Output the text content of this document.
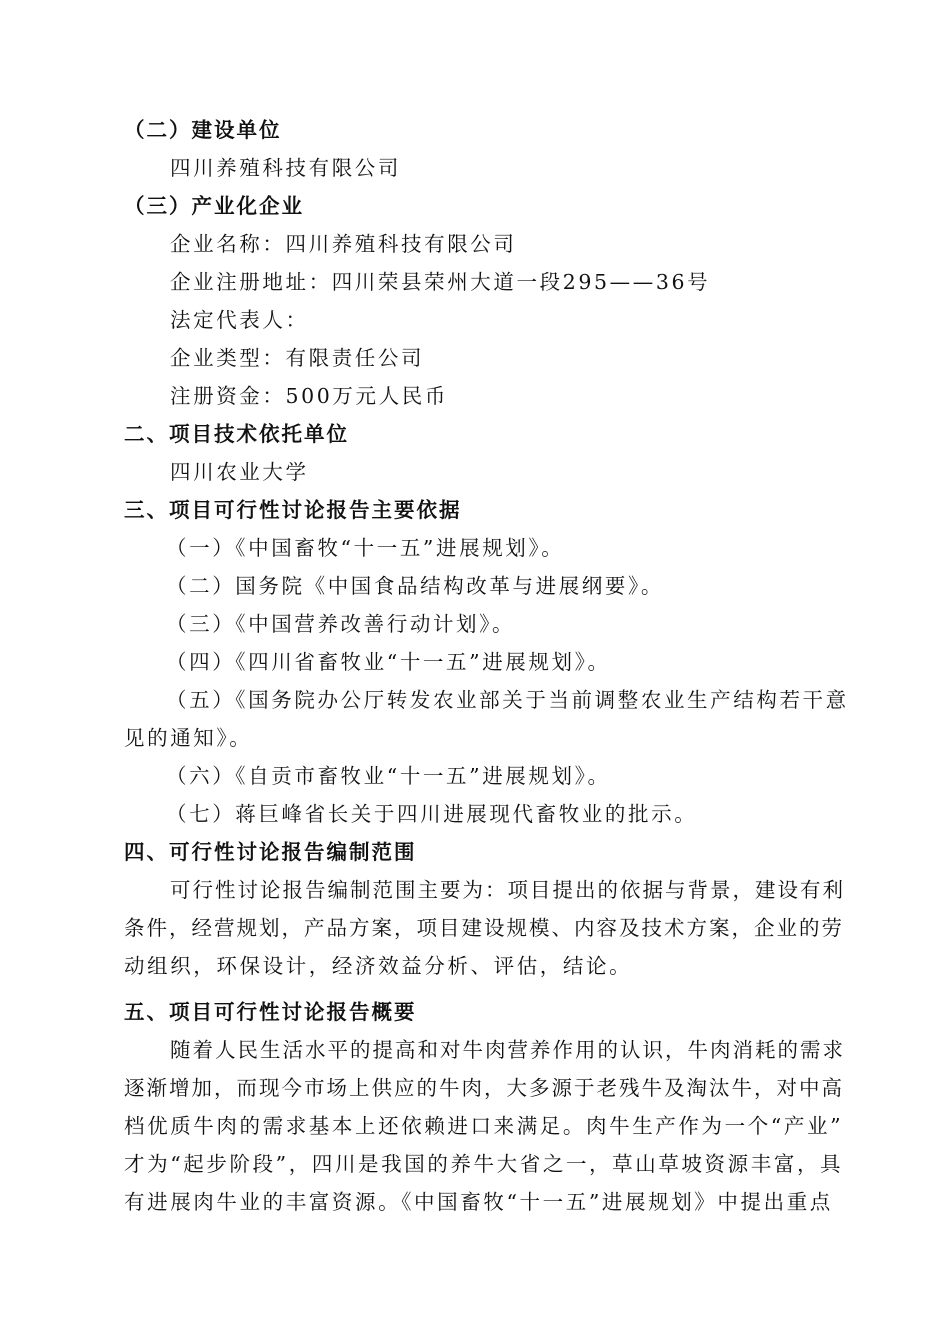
（二）建设单位
四川养殖科技有限公司
（三）产业化企业
企业名称：四川养殖科技有限公司
企业注册地址：四川荣县荣州大道一段295——36号
法定代表人：
企业类型：有限责任公司
注册资金：500万元人民币
二、项目技术依托单位
四川农业大学
三、项目可行性讨论报告主要依据
（一）《中国畜牧“十一五”进展规划》。
（二）国务院《中国食品结构改革与进展纲要》。
（三）《中国营养改善行动计划》。
（四）《四川省畜牧业“十一五”进展规划》。
（五）《国务院办公厅转发农业部关于当前调整农业生产结构若干意
见的通知》。
（六）《自贡市畜牧业“十一五”进展规划》。
（七）蒋巨峰省长关于四川进展现代畜牧业的批示。
四、可行性讨论报告编制范围
可行性讨论报告编制范围主要为：项目提出的依据与背景，建设有利
条件，经营规划，产品方案，项目建设规模、内容及技术方案，企业的劳
动组织，环保设计，经济效益分析、评估，结论。
五、项目可行性讨论报告概要
随着人民生活水平的提高和对牛肉营养作用的认识，牛肉消耗的需求
逐渐增加，而现今市场上供应的牛肉，大多源于老残牛及淘汰牛，对中高
档优质牛肉的需求基本上还依赖进口来满足。肉牛生产作为一个“产业”
才为“起步阶段”，四川是我国的养牛大省之一，草山草坡资源丰富，具
有进展肉牛业的丰富资源。《中国畜牧“十一五”进展规划》中提出重点
